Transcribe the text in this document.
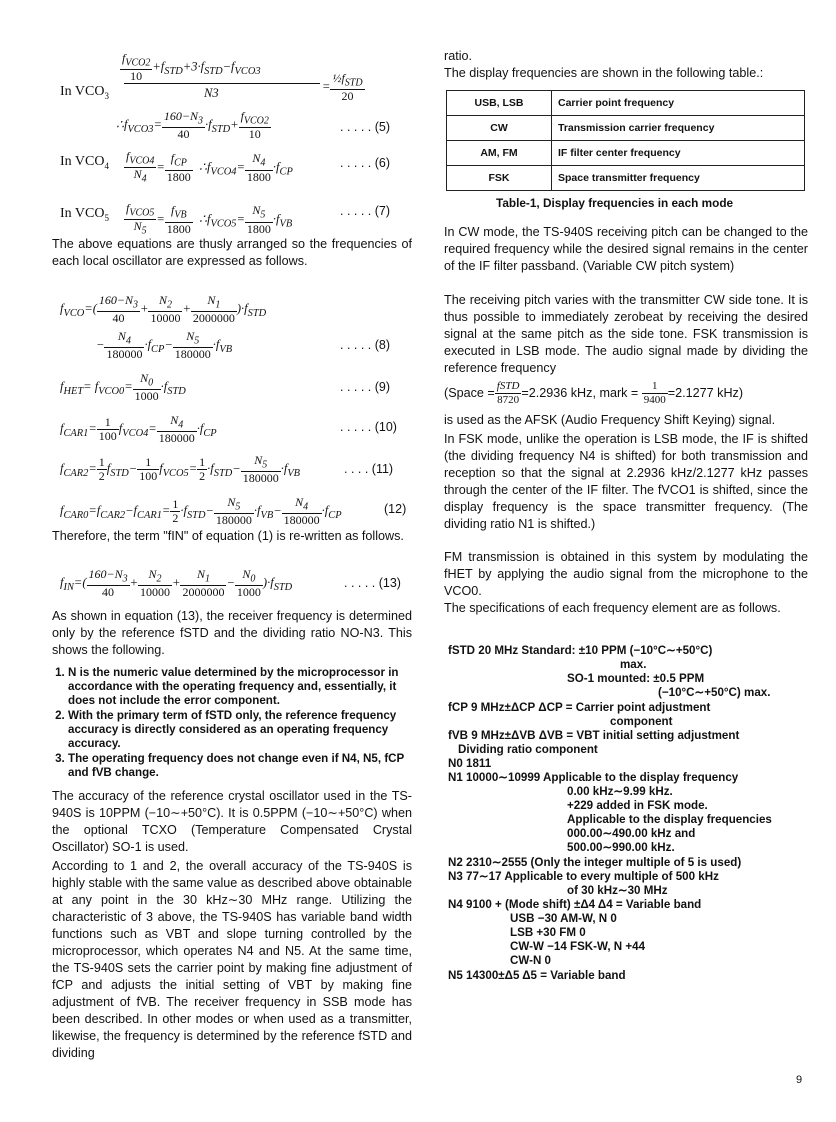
In $VCO_3$
$\frac{f_{VCO2}}{10} +f_{STD}+3\cdot f_{STD}-f_{VCO3}$
N3	= $\frac{\frac{1}{2}f_{STD}}{20}$
$\therefore f_{VCO3}= \frac{160-N_3}{40} \cdot f_{STD}+ \frac{f_{VCO2}}{10}$	. . . . . (5)
In $VCO_4 \frac{f_{VCO4}}{N_4} = \frac{f_{CP}}{1800}$ $\therefore f_{VCO4}= \frac{N_4}{1800} \cdot f_{CP}$
. . . . . (6)
In $VCO_5 \frac{f_{VCO5}}{N_5} = \frac{f_{VB}}{1800}$ $\therefore f_{VCO5}= \frac{N_5}{1800} \cdot f_{VB}$
. . . . . (7)
The above equations are thusly arranged so the frequencies of each local oscillator are expressed as follows.
$f_{VCO}=( \frac{160-N_3}{40} + \frac{N_2}{10000} + \frac{N_1}{2000000} )\cdot f_{STD}$
− $\frac{N_4}{180000} \cdot f_{CP}- \frac{N_5}{180000} \cdot f_{VB}$	. . . . . (8)
$f_{HET}= f_{VCO0}= \frac{N_0}{1000} \cdot f_{STD}$	. . . . . (9)
$f_{CAR1}= \frac{1}{100} f_{VCO4}= \frac{N_4}{180000} \cdot f_{CP}$	. . . . . (10)
$f_{CAR2}= \frac{1}{2} f_{STD}- \frac{1}{100} f_{VCO5}= \frac{1}{2} \cdot f_{STD}- \frac{N_5}{180000} \cdot f_{VB}$	. . . . (11)
$f_{CAR0}=f_{CAR2}-f_{CAR1}= \frac{1}{2} \cdot f_{STD}- \frac{N_5}{180000} \cdot f_{VB}- \frac{N_4}{180000} \cdot f_{CP}$	(12)
Therefore, the term "fIN" of equation (1) is re-written as follows.
$f_{IN}=( \frac{160-N_3}{40} + \frac{N_2}{10000} + \frac{N_1}{2000000} - \frac{N_0}{1000} )\cdot f_{STD}$	. . . . . (13)
As shown in equation (13), the receiver frequency is determined only by the reference fSTD and the dividing ratio NO-N3. This shows the following.
1. N is the numeric value determined by the microprocessor in accordance with the operating frequency and, essentially, it does not include the error component.
2. With the primary term of fSTD only, the reference frequency accuracy is directly considered as an operating frequency accuracy.
3. The operating frequency does not change even if N4, N5, fCP and fVB change.
The accuracy of the reference crystal oscillator used in the TS-940S is 10PPM (−10∼+50°C). It is 0.5PPM (−10∼+50°C) when the optional TCXO (Temperature Compensated Crystal Oscillator) SO-1 is used.
According to 1 and 2, the overall accuracy of the TS-940S is highly stable with the same value as described above obtainable at any point in the 30 kHz∼30 MHz range. Utilizing the characteristic of 3 above, the TS-940S has variable band width functions such as VBT and slope turning controlled by the microprocessor, which operates N4 and N5. At the same time, the TS-940S sets the carrier point by making fine adjustment of fCP and adjusts the initial setting of VBT by making fine adjustment of fVB. The receiver frequency in SSB mode has been described. In other modes or when used as a transmitter, likewise, the frequency is determined by the reference fSTD and dividing
ratio.
The display frequencies are shown in the following table.:
USB, LSB	Carrier point frequency
CW	Transmission carrier frequency
AM, FM	IF filter center frequency
FSK	Space transmitter frequency
Table-1, Display frequencies in each mode
In CW mode, the TS-940S receiving pitch can be changed to the required frequency while the desired signal remains in the center of the IF filter passband. (Variable CW pitch system)
The receiving pitch varies with the transmitter CW side tone. It is thus possible to immediately zerobeat by receiving the desired signal at the same pitch as the side tone. FSK transmission is executed in LSB mode. The audio signal made by dividing the reference frequency
(Space = $\frac{\text{fSTD}}{8720} =2.2936$ kHz, mark = $\frac{1}{9400} =2.1277$ kHz)
is used as the AFSK (Audio Frequency Shift Keying) signal.
In FSK mode, unlike the operation is LSB mode, the IF is shifted (the dividing frequency N4 is shifted) for both transmission and reception so that the signal at 2.2936 kHz/2.1277 kHz passes through the center of the IF filter. The fVCO1 is shifted, since the display frequency is the space transmitter frequency. (The dividing ratio N1 is shifted.)
FM transmission is obtained in this system by modulating the fHET by applying the audio signal from the microphone to the VCO0.
The specifications of each frequency element are as follows.
fSTD 20 MHz Standard: ±10 PPM (−10°C∼+50°C)
max.
SO-1 mounted: ±0.5 PPM
(−10°C∼+50°C) max.
fCP 9 MHz±ΔCP ΔCP = Carrier point adjustment
component
fVB 9 MHz±ΔVB ΔVB = VBT initial setting adjustment
Dividing ratio component
N0 1811
N1 10000∼10999 Applicable to the display frequency
0.00 kHz∼9.99 kHz.
+229 added in FSK mode.
Applicable to the display frequencies
000.00∼490.00 kHz and
500.00∼990.00 kHz.
N2 2310∼2555 (Only the integer multiple of 5 is used)
N3 77∼17 Applicable to every multiple of 500 kHz
of 30 kHz∼30 MHz
N4 9100 + (Mode shift) ±Δ4 Δ4 = Variable band
USB −30 AM-W, N 0
LSB +30 FM 0
CW-W −14 FSK-W, N +44
CW-N 0
N5 14300±Δ5 Δ5 = Variable band
9
